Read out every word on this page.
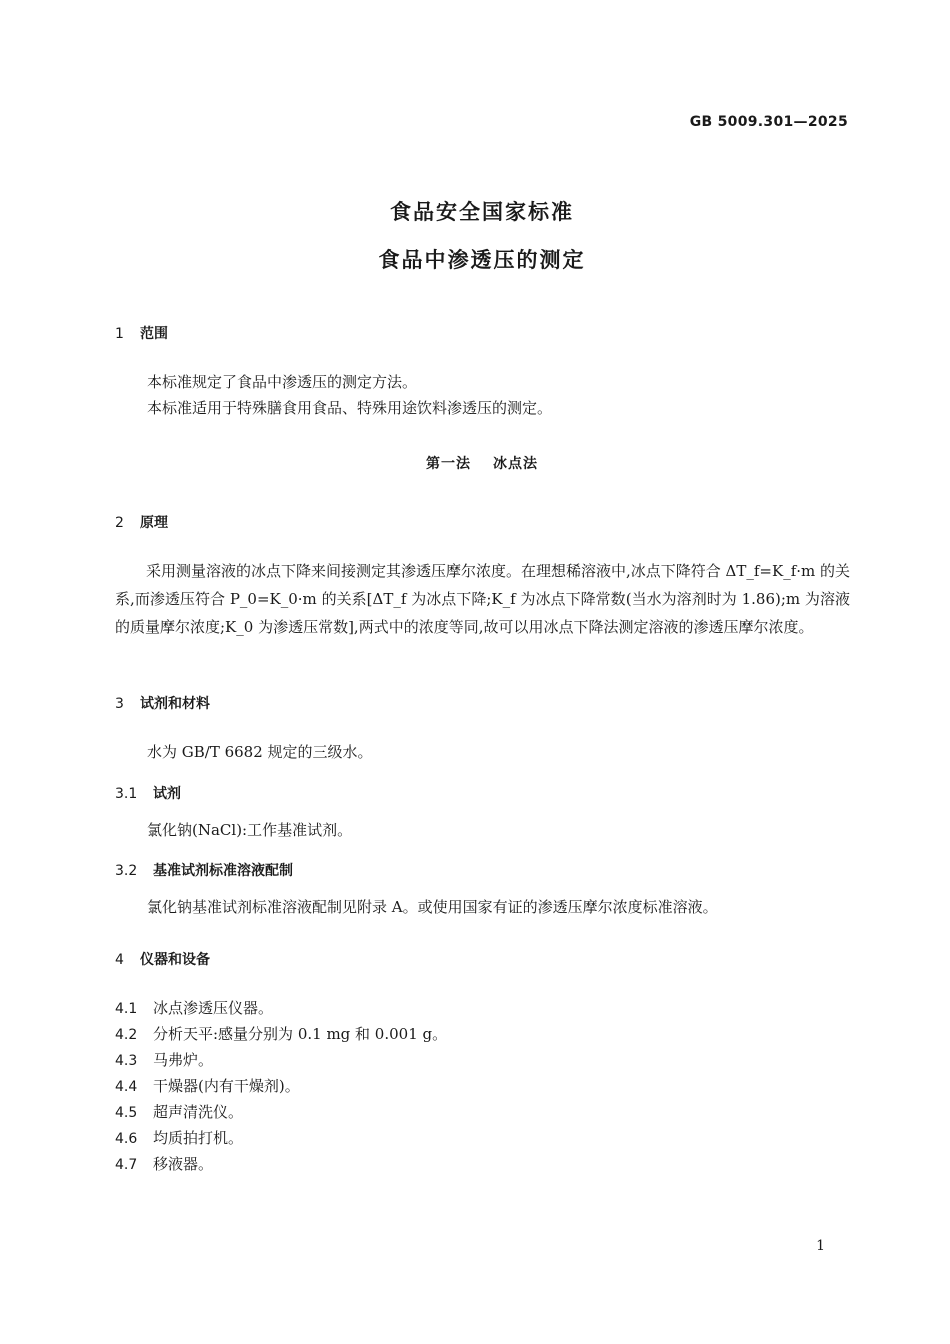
GB 5009.301—2025
食品安全国家标准
食品中渗透压的测定
1 范围
本标准规定了食品中渗透压的测定方法。
本标准适用于特殊膳食用食品、特殊用途饮料渗透压的测定。
第一法 冰点法
2 原理
采用测量溶液的冰点下降来间接测定其渗透压摩尔浓度。在理想稀溶液中,冰点下降符合 ΔT_f=K_f·m 的关系,而渗透压符合 P_0=K_0·m 的关系[ΔT_f 为冰点下降;K_f 为冰点下降常数(当水为溶剂时为 1.86);m 为溶液的质量摩尔浓度;K_0 为渗透压常数],两式中的浓度等同,故可以用冰点下降法测定溶液的渗透压摩尔浓度。
3 试剂和材料
水为 GB/T 6682 规定的三级水。
3.1 试剂
氯化钠(NaCl):工作基准试剂。
3.2 基准试剂标准溶液配制
氯化钠基准试剂标准溶液配制见附录 A。或使用国家有证的渗透压摩尔浓度标准溶液。
4 仪器和设备
4.1 冰点渗透压仪器。
4.2 分析天平:感量分别为 0.1 mg 和 0.001 g。
4.3 马弗炉。
4.4 干燥器(内有干燥剂)。
4.5 超声清洗仪。
4.6 均质拍打机。
4.7 移液器。
1
